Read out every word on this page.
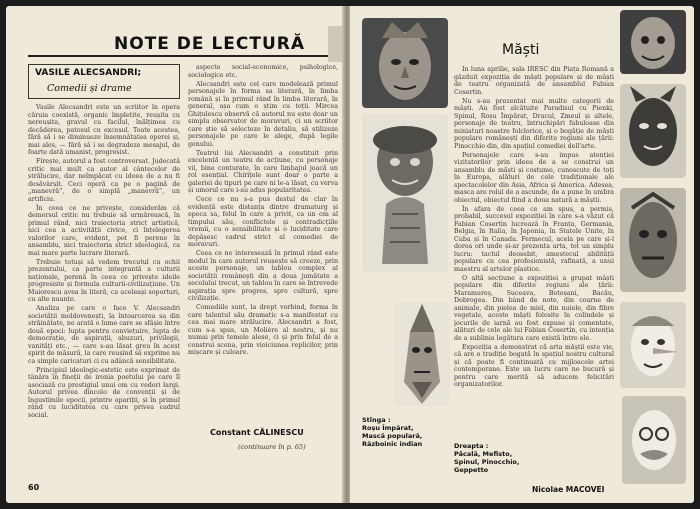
NOTE DE LECTURĂ
VASILE ALECSANDRI;
Comedii și drame

Vasile Alecsandri este un scriitor în opera căruia coexistă, organic împletite, reușita cu nereușita, gravul cu facilul, înălțimea cu decăderea, patosul cu excesul. Toate acestea, fără să i se diminueze însemnătatea operei și, mai ales, — fără să i se degradeze mesajul, de foarte dată umanist, progresist.

Firește, autorul a fost controversat. Judecată critic mai mult ca autor al cântecelor de strălucire, dar neîmpăcat cu ideea de a nu fi desăvârșit. Ceci operă ca pe o pagină de „manevră”, de o simplă „manevră”, un artificiu.

În ceea ce ne privește, considerăm că demersul critic nu trebuie să urmărească, în primul rând, nici traiectoria strict artistică, nici cea a activității civice, ci înțelegerea valorilor care, evident, pot fi perene în ansamblu, nici traiectoria strict ideologică, ca mai mare parte lucrare literară.

Trebuie totuși să vedem trecutul cu ochii prezentului, ca parte integrantă a culturii naționale, perenă în ceea ce privește ideile progresiste și formula culturii-civilizațiune. Un Maiorescu avea în literă, ca aceleași soporturi, cu alte nuanțe.

Analiza pe care o face V. Alecsandri societății moldovenești, la întoarcerea sa din străinătate, ne arată o lume care se sfâșie între două epoci: lupta pentru conviețuire, lupta de democrație, de aspirații, abuzuri, privilegii, vanități etc., — care s-au lăsat greu în acest spirit de măsură, la care reușind să exprime nu ca simple caricaturi ci cu adâncă sensibilitate.

Principiul ideologic-estetic este exprimat de tânăra în fineții de ironia poetului pe care îl asociază cu prestigiul unui om cu vederi largi. Autorul privea dincolo de convenții și de îngustimile epocii, printre apariții, și în primul rând cu luciditatea cu care privea cadrul social.

aspecte social-economice, psihologice, sociologice etc.

Alecsandri este cel care modelează primul personajele în forma sa literară, în limba română și în primul rând în limba literară, în general, așa cum o știm cu toții. Mircea Ghițulescu observă că autorul nu este doar un simplu observator de moravuri, ci un scriitor care știe să selecteze în detaliu, să stilizeze personajele pe care le alege, după legile genului.

Teatrul lui Alecsandri a constituit prin excelență un teatru de acțiune, cu personaje vii, bine conturate, în care limbajul joacă un rol esențial. Chirițele sunt doar o parte a galeriei de tipuri pe care ni le-a lăsat, cu verva și umorul care i-au adus popularitatea.

Cece ce nu s-a pus destul de clar în evidență este distanța dintre dramaturg și epoca sa, felul în care a privit, ca un om al timpului său, conflictele și contradicțiile vremii, cu o sensibilitate și o luciditate care depășesc cadrul strict al comediei de moravuri.

Ceea ce ne interesează în primul rând este modul în care autorul reușește să creeze, prin aceste personaje, un tablou complex al societății românești din a doua jumătate a secolului trecut, un tablou în care se întrevede aspirația spre progres, spre cultură, spre civilizație.

Comediile sunt, la drept vorbind, forma în care talentul său dramatic s-a manifestat cu cea mai mare strălucire. Alecsandri a fost, cum s-a spus, un Molière al nostru, și nu numai prin temele alese, ci și prin felul de a construi scena, prin vioiciunea replicilor, prin mișcare și culoare.

Constant CĂLINESCU
(continuare în p. 65)
60
Măști

În luna aprilie, sala IRESC din Piața Romană a găzduit expoziția de măști populare și de măști de teatru organizată de ansamblul Fabian Cosertin.

Nu s-au prezentat mai multe categorii de măști. Au fost alcătuite Paradisul cu Pienki, Spinul, Roșu Împărat, Dracul, Zmeul și altele, personaje de teatru, întruchipări fabuloase din miniaturi noastre folclorice, și o bogăție de măști populare românești din diferite regiuni ale țării: Pinocchio din, din spațiul comediei dell'arte.

Personajele care s-au impus atenției vizitatorilor prin ideea de a se construi un ansamblu de măști și costume, cunoscute de toți în Europa, alături de cele tradiționale ale spectacolelor din Asia, Africa și America. Adesea, masca are rolul de a ascunde, de a pune în umbra obiectul, obiectul fiind a doua natură a măștii.

În afara de ceea ce am spus, a permis, probabil, succesul expoziției în care s-a văzut că Fabian Cosertin lucrează în Franța, Germania, Belgia, în Italia, în Japonia, în Statele Unite, în Cuba și în Canada. Fermecul, acela pe care și-l dorea ori unde și-ar prezenta arta, tot un simplu lucru: tactul deosebit, amestecul abilității populare cu cea profesionistă, rafinată, a unui maestru al artelor plastice.

O altă secțiune a expoziției a grupat măști populare din diferite regiuni ale țării: Maramureș, Suceava, Botoșani, Bacău, Dobrogea. Din bând de note, din coarne de animale, din pielea de miel, din nuiele, din fibre vegetale, aceste măști folosite în colindele și jocurile de iarnă au fost expuse și comentate, alături de cele ale lui Fabian Cosertin, cu intenția de a sublinia legătura care există între ele.

Expoziția a demonstrat că arta măștii este vie, că are o tradiție bogată în spațiul nostru cultural și că poate fi continuată cu mijloacele artei contemporane. Este un lucru care ne bucură și pentru care merită să aducem felicitări organizatorilor.

Stînga :
Roșu Împărat,
Mască populară,
Războinic indian	Dreapta :
Pâcală, Mefisto,
Spinul, Pinocchio,
Geppetto
Nicolae MACOVEI
